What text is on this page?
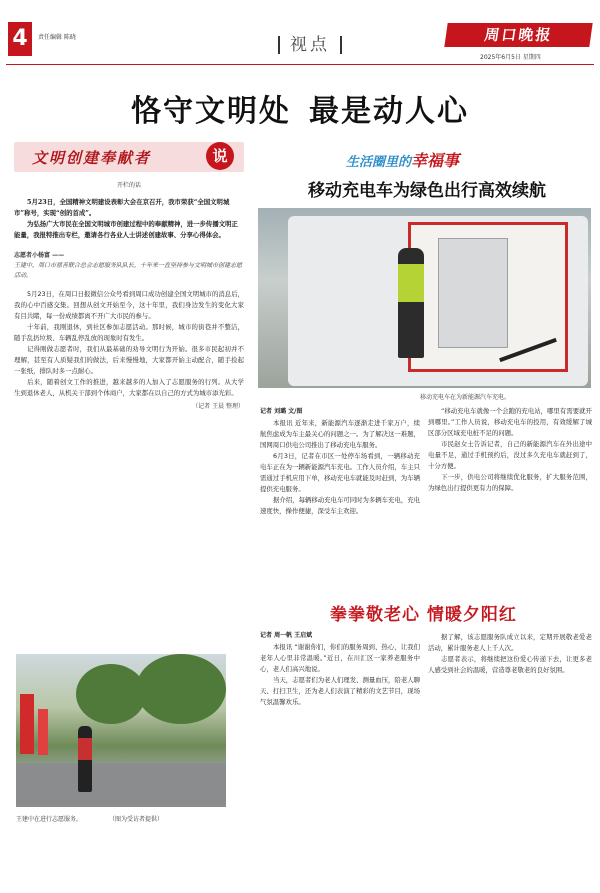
4	责任编辑 陈晓	视点	周口晚报
2025年6月5日 星期四
恪守文明处 最是动人心
文明创建奉献者	说
开栏的话

5月23日，全国精神文明建设表彰大会在京召开，我市荣获“全国文明城市”称号，实现“创的首成”。

为弘扬广大市民在全国文明城市创建过程中的奉献精神，进一步传播文明正能量，我报特推出专栏，邀请各行各业人士讲述创建故事、分享心得体会。

志愿者小杨富 ——
王建中，周口市慈善联合总会志愿服务队队长，十年来一直坚持参与文明城市创建志愿活动。

5月23日，在周口日报微信公众号看到周口成功创建全国文明城市的消息后，我的心中百感交集。回想从创文开始至今，这十年里，我们身边发生的变化大家有目共睹，每一份成绩都离不开广大市民的参与。

十年前，我刚退休，到社区参加志愿活动。那时候，城市的街巷并不整洁，随手乱扔垃圾、车辆乱停乱放的现象时有发生。

记得刚做志愿者时，我们从最基础的劝导文明行为开始。很多市民起初并不理解，甚至有人质疑我们的做法，后来慢慢地，大家都开始主动配合，随手捡起一张纸，排队时多一点耐心。

后来，随着创文工作的推进，越来越多的人加入了志愿服务的行列。从大学生到退休老人，从机关干部到个体商户，大家都在以自己的方式为城市添光彩。

（记者 王晨 整理）
王建中在进行志愿服务。	（图为受访者提供）
生活圈里的幸福事
移动充电车为绿色出行高效续航
移动充电车在为新能源汽车充电。
记者 刘璐 文/图

本报讯 近年来，新能源汽车逐渐走进千家万户，续航焦虑成为车主最关心的问题之一。为了解决这一难题，国网周口供电公司推出了移动充电车服务。

6月3日，记者在市区一处停车场看到，一辆移动充电车正在为一辆新能源汽车充电。工作人员介绍，车主只需通过手机应用下单，移动充电车就能及时赶到，为车辆提供充电服务。

据介绍，每辆移动充电车可同时为多辆车充电，充电速度快，操作便捷，深受车主欢迎。

“移动充电车就像一个会跑的充电站，哪里有需要就开到哪里。”工作人员说，移动充电车的投用，有效缓解了城区部分区域充电桩不足的问题。

市民赵女士告诉记者，自己的新能源汽车在外出途中电量不足，通过手机预约后，没过多久充电车就赶到了，十分方便。

下一步，供电公司将继续优化服务，扩大服务范围，为绿色出行提供更有力的保障。

拳拳敬老心 情暖夕阳红
记者 周一帆 王启斌

本报讯 “谢谢你们，你们的服务周到、热心，让我们老年人心里非常温暖。”近日，在川汇区一家养老服务中心，老人们高兴地说。

当天，志愿者们为老人们理发、测量血压，陪老人聊天、打扫卫生，还为老人们表演了精彩的文艺节目，现场气氛温馨欢乐。

据了解，该志愿服务队成立以来，定期开展敬老爱老活动，累计服务老人上千人次。

志愿者表示，将继续把这份爱心传递下去，让更多老人感受到社会的温暖，营造尊老敬老的良好氛围。
